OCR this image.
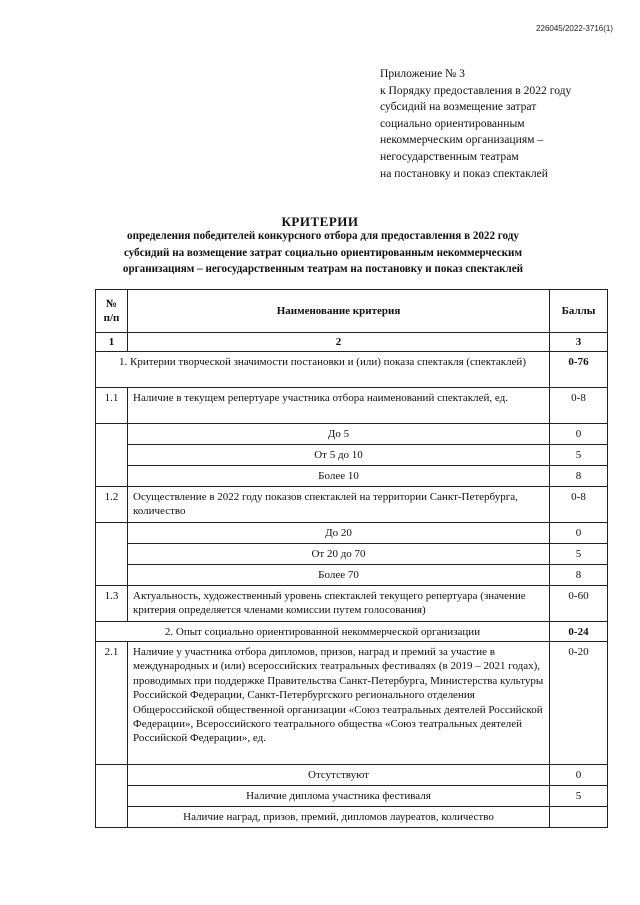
226045/2022-3716(1)
Приложение № 3
к Порядку предоставления в 2022 году
субсидий на возмещение затрат
социально ориентированным
некоммерческим организациям –
негосударственным театрам
на постановку и показ спектаклей
КРИТЕРИИ
определения победителей конкурсного отбора для предоставления в 2022 году
субсидий на возмещение затрат социально ориентированным некоммерческим
организациям – негосударственным театрам на постановку и показ спектаклей
№
п/п	Наименование критерия	Баллы
1	2	3
1. Критерии творческой значимости постановки и (или) показа спектакля (спектаклей)		0-76
1.1	Наличие в текущем репертуаре участника отбора наименований спектаклей, ед.	0-8
	До 5	0
	От 5 до 10	5
	Более 10	8
1.2	Осуществление в 2022 году показов спектаклей на территории Санкт-Петербурга, количество	0-8
	До 20	0
	От 20 до 70	5
	Более 70	8
1.3	Актуальность, художественный уровень спектаклей текущего репертуара (значение критерия определяется членами комиссии путем голосования)	0-60
2. Опыт социально ориентированной некоммерческой организации		0-24
2.1	Наличие у участника отбора дипломов, призов, наград и премий за участие в международных и (или) всероссийских театральных фестивалях (в 2019 – 2021 годах), проводимых при поддержке Правительства Санкт-Петербурга, Министерства культуры Российской Федерации, Санкт-Петербургского регионального отделения Общероссийской общественной организации «Союз театральных деятелей Российской Федерации», Всероссийского театрального общества «Союз театральных деятелей Российской Федерации», ед.	0-20
	Отсутствуют	0
	Наличие диплома участника фестиваля	5
	Наличие наград, призов, премий, дипломов лауреатов, количество	
